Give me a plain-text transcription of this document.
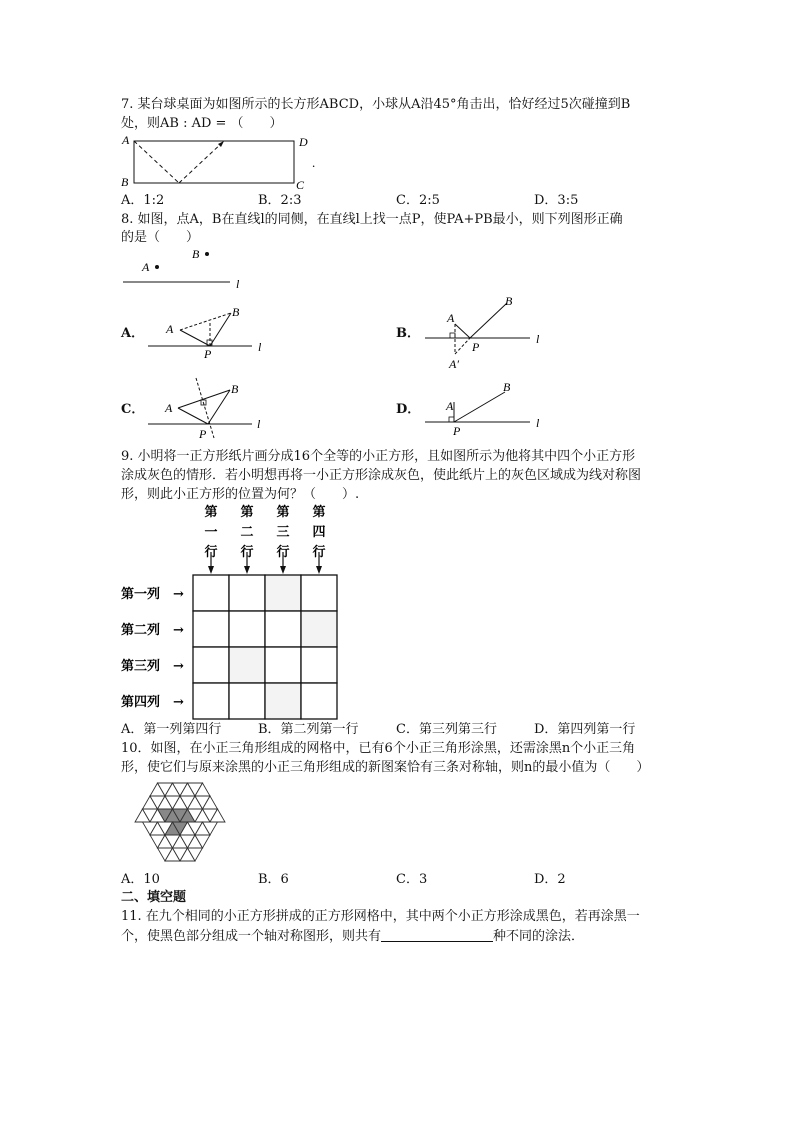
7. 某台球桌面为如图所示的长方形ABCD，小球从A沿45°角击出，恰好经过5次碰撞到B
处，则AB : AD = （　　）
A
B	C
D
.
A．1:2	B．2:3	C．2:5	D．3:5
8. 如图，点A，B在直线l的同侧，在直线l上找一点P，使PA+PB最小，则下列图形正确
的是（　　）
B
A
l
A． A
B
P	l
B．
A
B
P
A′
l
C． A
B
P
l
D． A
B
P
l
9. 小明将一正方形纸片画分成16个全等的小正方形，且如图所示为他将其中四个小正方形
涂成灰色的情形．若小明想再将一小正方形涂成灰色，使此纸片上的灰色区域成为线对称图
形，则此小正方形的位置为何？（　　）.
第
一
行
第
二
行
第
三
行
第
四
行
第一列 →
第二列 →
第三列 →
第四列 →
A．第一列第四行	B．第二列第一行	C．第三列第三行	D．第四列第一行
10．如图，在小正三角形组成的网格中，已有6个小正三角形涂黑，还需涂黑n个小正三角
形，使它们与原来涂黑的小正三角形组成的新图案恰有三条对称轴，则n的最小值为（　　）
A．10	B．6	C．3	D．2
二、填空题
11. 在九个相同的小正方形拼成的正方形网格中，其中两个小正方形涂成黑色，若再涂黑一
个，使黑色部分组成一个轴对称图形，则共有	种不同的涂法．
